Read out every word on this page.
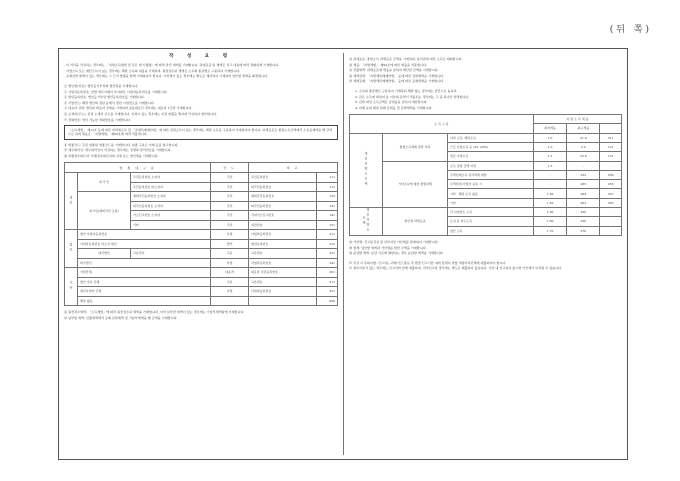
(뒤 쪽)
작 성 요 령

· 이 서식을 작성하는 경우에는 「지방소득세법 및 같은 법 시행령」에 따라 관련 세액을 기재합니다. 과세표준 및 세액은 신고 내용에 따라 정확하게 기재합니다.

· 사업소득 또는 재산소득이 있는 경우에는 해당 소득의 내용을 기재하며, 원천징수된 세액은 소득의 종류별로 구분하여 기재합니다.

· 공제감면 세액이 있는 경우에는 그 근거 법령을 함께 기재하여야 합니다. 가산세가 있는 경우에는 별도로 계산하여 기재하며 납부할 세액을 확정합니다.

① 법인명(상호): 법인등기부상의 법인명을 기재합니다.

② 사업자등록번호: 관할 세무서에서 부여받은 사업자등록번호를 기재합니다.

③ 법인등록번호: 법인등기부상 법인등록번호를 기재합니다.

④ 사업연도: 해당 법인의 정관 등에서 정한 사업연도를 기재합니다.

⑤ 대표자 성명: 법인의 대표자 성명을 기재하며 공동대표인 경우에는 대표자 1인만 기재합니다.

⑥ 소재지(주소): 본점 소재지 주소를 기재합니다. 지점이 있는 경우에는 지점 현황을 별지에 작성하여 첨부합니다.

⑦ 전화번호: 연락 가능한 전화번호를 기재합니다.

「소득세법」 제12조 등에 따른 비과세소득 및 「조세특례제한법」에 따른 감면소득이 있는 경우에는 해당 소득을 구분하여 기재하여야 합니다. 과세표준은 종합소득금액에서 소득공제액을 뺀 금액으로 하며 세율은 「지방세법」 제92조에 따라 적용합니다.

⑧ 업종코드: 주된 업종의 업종코드를 기재합니다. 업종 구분은 아래 표를 참고합니다.

⑨ 세무대리인: 세무대리인이 작성하는 경우에는 성명과 관리번호를 기재합니다.

⑩ 특별징수의무자: 특별징수의무자의 성명 또는 법인명을 기재합니다.

업 종 대 구 분			코 드	비 고	
개인	내 국 인	주민등록번호 소지자	주민	주민등록번호	111
		주민등록번호 미소지자	주민	외국인등록번호	112
	외국인(재외국민 포함)	재외국민등록번호 소지자	주민	재외국민등록번호	122
		외국인등록번호 소지자	주민	외국인등록번호	131
		거소신고번호 소지자	주민	국내거소신고번호	141
		기타	주민	여권번호	151
법인	법인 사업자등록번호		사업	사업자등록번호	211
	사업자등록번호 미소지 법인		법인	법인등록번호	222
	내국법인	고유번호	고유	고유번호	231
	외국법인		사업	사업자등록번호	241
기타	기타단체		대표자	대표자 주민등록번호	301
	법인 아닌 단체		고유	고유번호	311
	개인사업자 단체		사업	사업자등록번호	321
	해당 없음				999

⑪ 원천징수세액: 「소득세법」에 따라 원천징수된 세액을 기재합니다. 이미 납부한 세액이 있는 경우에는 기납부세액란에 기재합니다.

⑫ 납부할 세액: 산출세액에서 공제·감면세액 및 기납부세액을 뺀 금액을 기재합니다.

⑬ 과세표준: 종합소득 과세표준 금액을 기재하며, 분리과세 대상 소득은 제외합니다.

⑭ 세율: 「지방세법」 제92조에 따른 세율을 적용합니다.

⑮ 산출세액: 과세표준에 세율을 곱하여 계산한 금액을 기재합니다.

⑯ 세액감면: 「지방세특례제한법」 등에 따른 감면세액을 기재합니다.

⑰ 세액공제: 「지방세특례제한법」 등에 따른 공제세액을 기재합니다.

1. 소득의 종류별로 구분하여 기재하되 해당 없는 경우에는 빈칸으로 둡니다.

2. 같은 소득에 대하여 둘 이상의 감면이 적용되는 경우에는 그 중 하나만 선택합니다.

3. 감면 대상 소득금액은 감면율을 곱하여 계산합니다.

4. 아래 표의 해당 란에 감면율 및 감면세액을 기재합니다.

소 득 구 분			지 방 소 득 세 율		
			최저세율	최고세율	
개인지방소득세	종합소득세에 관한 부과	이자 소득, 배당소득	1.0	21.0	211
		근로 사업소득 등 (35, 20%)	1.0	2.0	121
		연금 사업소득	1.2	22.0	121
	기타소득에 대한 종합과세	소득 일정 금액 이상	1.5	-	-
		주택임대소득 분리과세 대상	-	252	256
		주택임대 사업자 등록 시	-	265	253
		기타 · 해당 소득 없음	1.56	264	257
		기타	1.62	263	263
법인지방소득세	법인세 과세표준	각 사업연도 소득	1.50	250	-
		토지 등 양도소득	1.60	250	-
		청산 소득	1.70	270	-

⑱ 가산세: 신고불성실 및 납부지연 가산세를 합계하여 기재합니다.

⑲ 합계: 납부할 세액과 가산세를 합한 금액을 기재합니다.

⑳ 분납할 세액: 분납 기준에 해당하는 경우 분납할 세액을 기재합니다.

※ 작성 시 유의사항: 신고서는 과세기간 종료 후 법정 신고기한 내에 납세지 관할 지방자치단체에 제출하여야 합니다.

※ 첨부서류가 있는 경우에는 신고서와 함께 제출하며, 전자신고한 경우에는 별도로 제출하지 않습니다. 기한 내 신고하지 않으면 가산세가 부과될 수 있습니다.
